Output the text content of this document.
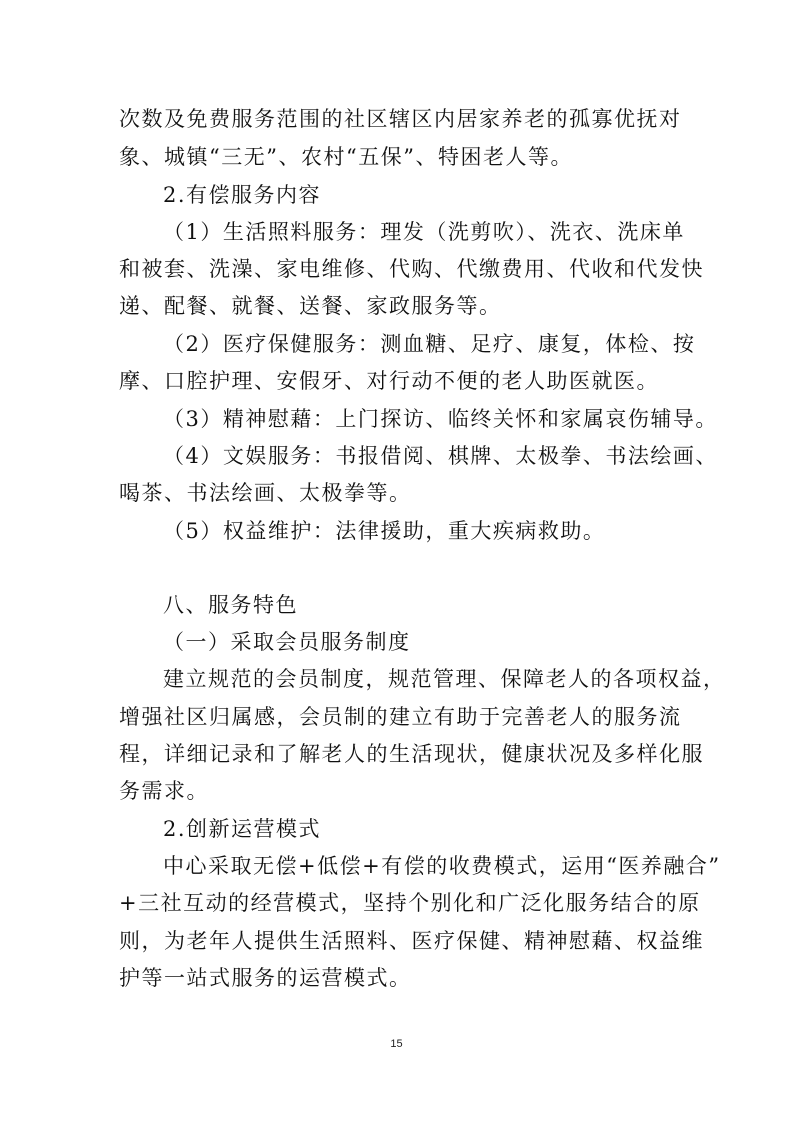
次数及免费服务范围的社区辖区内居家养老的孤寡优抚对

象、城镇“三无”、农村“五保”、特困老人等。

2.有偿服务内容

（1）生活照料服务：理发（洗剪吹）、洗衣、洗床单

和被套、洗澡、家电维修、代购、代缴费用、代收和代发快

递、配餐、就餐、送餐、家政服务等。

（2）医疗保健服务：测血糖、足疗、康复，体检、按

摩、口腔护理、安假牙、对行动不便的老人助医就医。

（3）精神慰藉：上门探访、临终关怀和家属哀伤辅导。

（4）文娱服务：书报借阅、棋牌、太极拳、书法绘画、

喝茶、书法绘画、太极拳等。

（5）权益维护：法律援助，重大疾病救助。

八、服务特色

（一）采取会员服务制度

建立规范的会员制度，规范管理、保障老人的各项权益，

增强社区归属感，会员制的建立有助于完善老人的服务流

程，详细记录和了解老人的生活现状，健康状况及多样化服

务需求。

2.创新运营模式

中心采取无偿+低偿+有偿的收费模式，运用“医养融合”

+三社互动的经营模式，坚持个别化和广泛化服务结合的原

则，为老年人提供生活照料、医疗保健、精神慰藉、权益维

护等一站式服务的运营模式。

15
